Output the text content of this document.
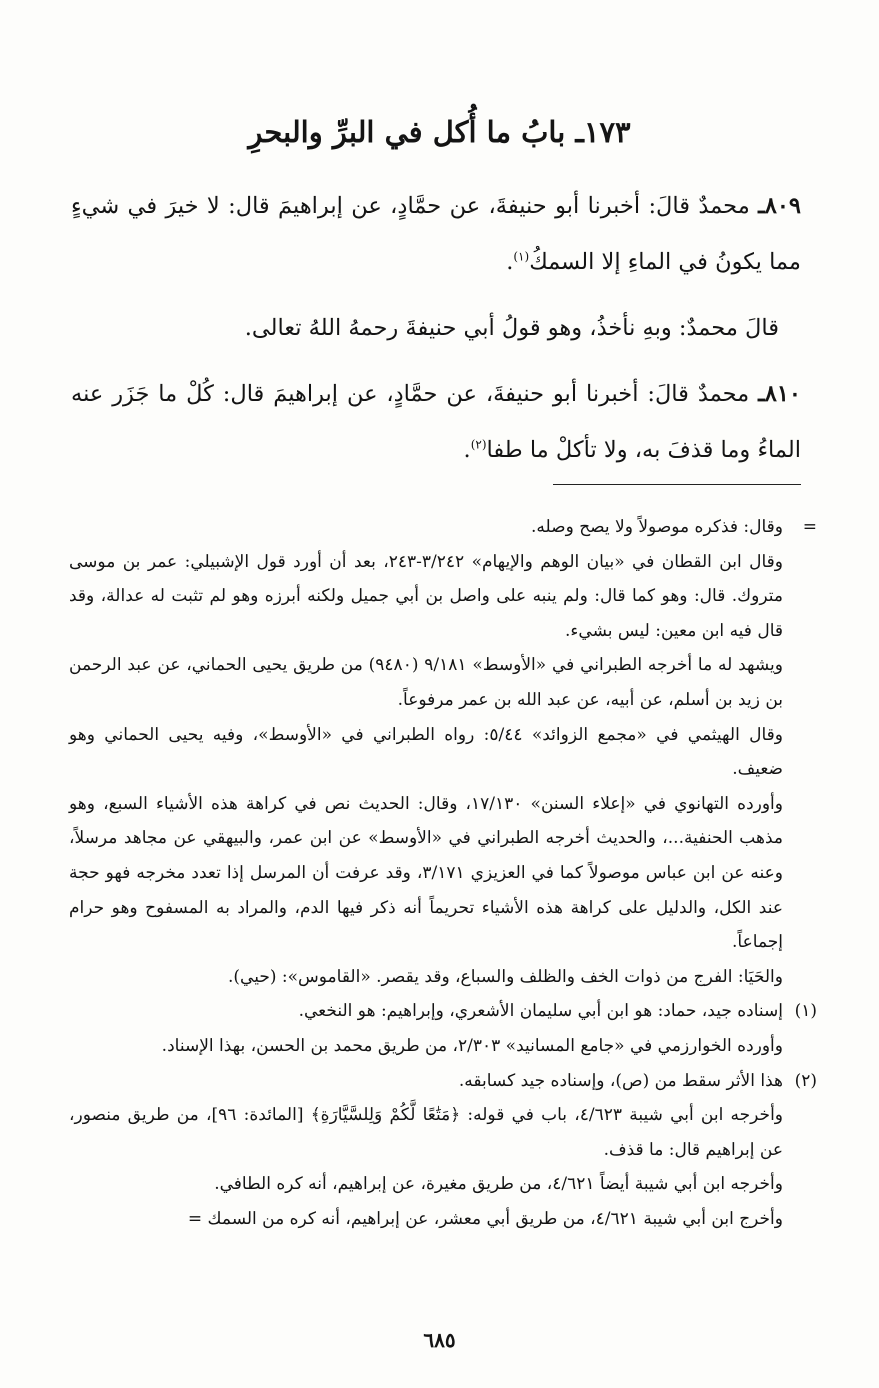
١٧٣ـ بابُ ما أُكل في البرِّ والبحرِ

٨٠٩ـ محمدٌ قالَ: أخبرنا أبو حنيفةَ، عن حمَّادٍ، عن إبراهيمَ قال: لا خيرَ في شيءٍ مما يكونُ في الماءِ إلا السمكُ$^{(١)}$.

قالَ محمدٌ: وبهِ نأخذُ، وهو قولُ أبي حنيفةَ رحمهُ اللهُ تعالى.

٨١٠ـ محمدٌ قالَ: أخبرنا أبو حنيفةَ، عن حمَّادٍ، عن إبراهيمَ قال: كُلْ ما جَزَر عنه الماءُ وما قذفَ به، ولا تأكلْ ما طفا$^{(٢)}$.

=
وقال: فذكره موصولاً ولا يصح وصله.

وقال ابن القطان في «بيان الوهم والإيهام» ٣/٢٤٢-٢٤٣، بعد أن أورد قول الإشبيلي: عمر بن موسى متروك. قال: وهو كما قال: ولم ينبه على واصل بن أبي جميل ولكنه أبرزه وهو لم تثبت له عدالة، وقد قال فيه ابن معين: ليس بشيء.

ويشهد له ما أخرجه الطبراني في «الأوسط» ٩/١٨١ (٩٤٨٠) من طريق يحيى الحماني، عن عبد الرحمن بن زيد بن أسلم، عن أبيه، عن عبد الله بن عمر مرفوعاً.

وقال الهيثمي في «مجمع الزوائد» ٥/٤٤: رواه الطبراني في «الأوسط»، وفيه يحيى الحماني وهو ضعيف.

وأورده التهانوي في «إعلاء السنن» ١٧/١٣٠، وقال: الحديث نص في كراهة هذه الأشياء السبع، وهو مذهب الحنفية...، والحديث أخرجه الطبراني في «الأوسط» عن ابن عمر، والبيهقي عن مجاهد مرسلاً، وعنه عن ابن عباس موصولاً كما في العزيزي ٣/١٧١، وقد عرفت أن المرسل إذا تعدد مخرجه فهو حجة عند الكل، والدليل على كراهة هذه الأشياء تحريماً أنه ذكر فيها الدم، والمراد به المسفوح وهو حرام إجماعاً.

والحَيَا: الفرج من ذوات الخف والظلف والسباع، وقد يقصر. «القاموس»: (حيي).

(١)
إسناده جيد، حماد: هو ابن أبي سليمان الأشعري، وإبراهيم: هو النخعي.

وأورده الخوارزمي في «جامع المسانيد» ٢/٣٠٣، من طريق محمد بن الحسن، بهذا الإسناد.

(٢)
هذا الأثر سقط من (ص)، وإسناده جيد كسابقه.

وأخرجه ابن أبي شيبة ٤/٦٢٣، باب في قوله: ﴿مَتَٰعًا لَّكُمْ وَلِلسَّيَّارَةِ﴾ [المائدة: ٩٦]، من طريق منصور، عن إبراهيم قال: ما قذف.

وأخرجه ابن أبي شيبة أيضاً ٤/٦٢١، من طريق مغيرة، عن إبراهيم، أنه كره الطافي.

وأخرج ابن أبي شيبة ٤/٦٢١، من طريق أبي معشر، عن إبراهيم، أنه كره من السمك =

٦٨٥
